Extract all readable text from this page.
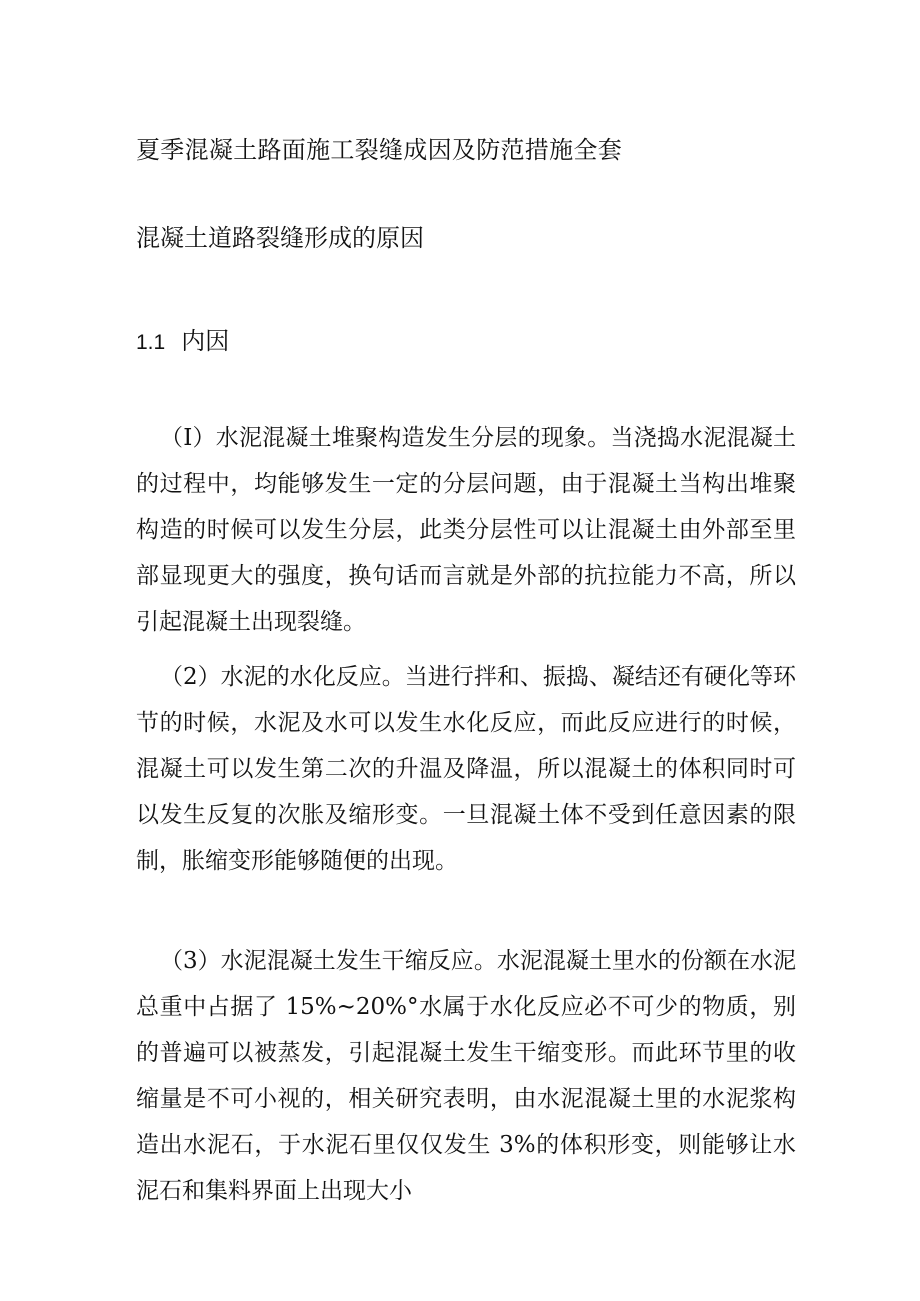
夏季混凝土路面施工裂缝成因及防范措施全套
混凝土道路裂缝形成的原因
1.1 内因
（I）水泥混凝土堆聚构造发生分层的现象。当浇捣水泥混凝土的过程中，均能够发生一定的分层问题，由于混凝土当构出堆聚构造的时候可以发生分层，此类分层性可以让混凝土由外部至里部显现更大的强度，换句话而言就是外部的抗拉能力不高，所以引起混凝土出现裂缝。
（2）水泥的水化反应。当进行拌和、振捣、凝结还有硬化等环节的时候，水泥及水可以发生水化反应，而此反应进行的时候，混凝土可以发生第二次的升温及降温，所以混凝土的体积同时可以发生反复的次胀及缩形变。一旦混凝土体不受到任意因素的限制，胀缩变形能够随便的出现。
（3）水泥混凝土发生干缩反应。水泥混凝土里水的份额在水泥总重中占据了 15%~20%°水属于水化反应必不可少的物质，别的普遍可以被蒸发，引起混凝土发生干缩变形。而此环节里的收缩量是不可小视的，相关研究表明，由水泥混凝土里的水泥浆构造出水泥石，于水泥石里仅仅发生 3%的体积形变，则能够让水泥石和集料界面上出现大小
